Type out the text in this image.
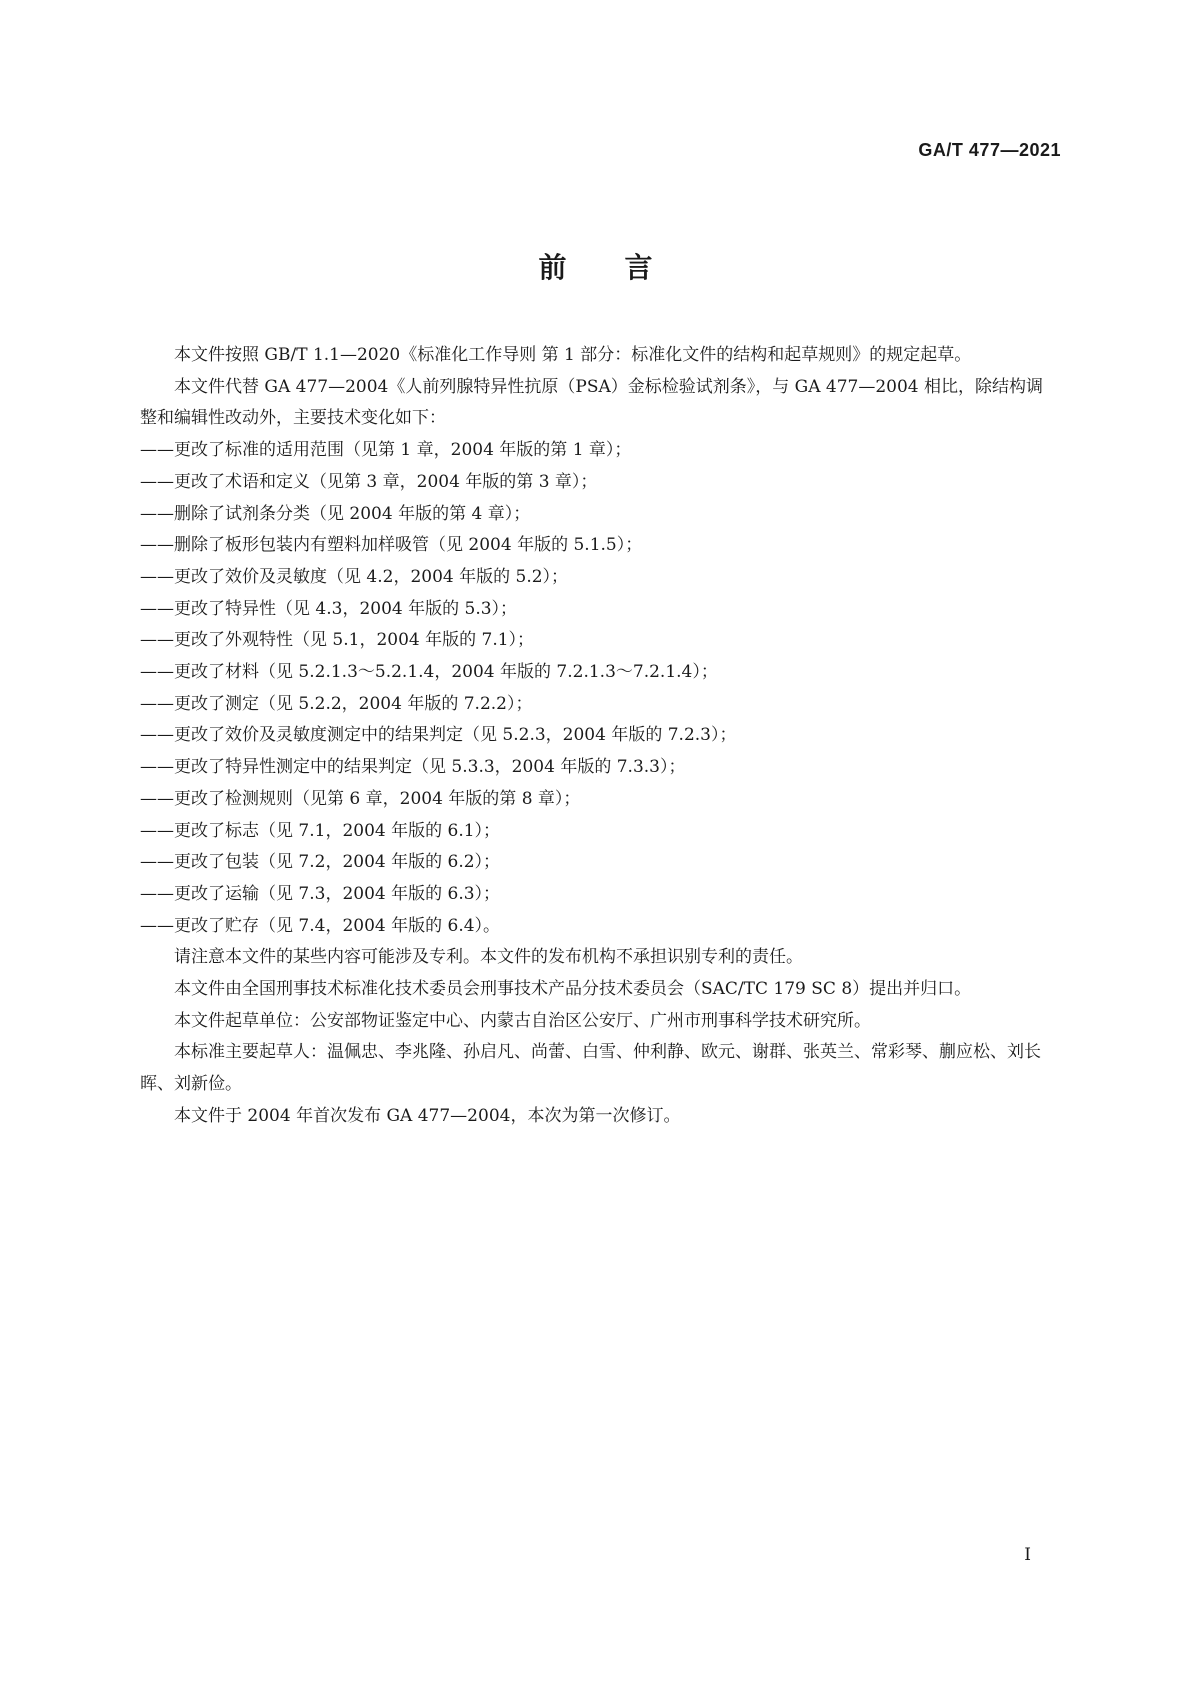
GA/T 477—2021
前言

本文件按照 GB/T 1.1—2020《标准化工作导则 第 1 部分：标准化文件的结构和起草规则》的规定起草。

本文件代替 GA 477—2004《人前列腺特异性抗原（PSA）金标检验试剂条》，与 GA 477—2004 相比，除结构调整和编辑性改动外，主要技术变化如下：

——更改了标准的适用范围（见第 1 章，2004 年版的第 1 章）；

——更改了术语和定义（见第 3 章，2004 年版的第 3 章）；

——删除了试剂条分类（见 2004 年版的第 4 章）；

——删除了板形包装内有塑料加样吸管（见 2004 年版的 5.1.5）；

——更改了效价及灵敏度（见 4.2，2004 年版的 5.2）；

——更改了特异性（见 4.3，2004 年版的 5.3）；

——更改了外观特性（见 5.1，2004 年版的 7.1）；

——更改了材料（见 5.2.1.3～5.2.1.4，2004 年版的 7.2.1.3～7.2.1.4）；

——更改了测定（见 5.2.2，2004 年版的 7.2.2）；

——更改了效价及灵敏度测定中的结果判定（见 5.2.3，2004 年版的 7.2.3）；

——更改了特异性测定中的结果判定（见 5.3.3，2004 年版的 7.3.3）；

——更改了检测规则（见第 6 章，2004 年版的第 8 章）；

——更改了标志（见 7.1，2004 年版的 6.1）；

——更改了包装（见 7.2，2004 年版的 6.2）；

——更改了运输（见 7.3，2004 年版的 6.3）；

——更改了贮存（见 7.4，2004 年版的 6.4）。

请注意本文件的某些内容可能涉及专利。本文件的发布机构不承担识别专利的责任。

本文件由全国刑事技术标准化技术委员会刑事技术产品分技术委员会（SAC/TC 179 SC 8）提出并归口。

本文件起草单位：公安部物证鉴定中心、内蒙古自治区公安厅、广州市刑事科学技术研究所。

本标准主要起草人：温佩忠、李兆隆、孙启凡、尚蕾、白雪、仲利静、欧元、谢群、张英兰、常彩琴、蒯应松、刘长晖、刘新俭。

本文件于 2004 年首次发布 GA 477—2004，本次为第一次修订。

I
